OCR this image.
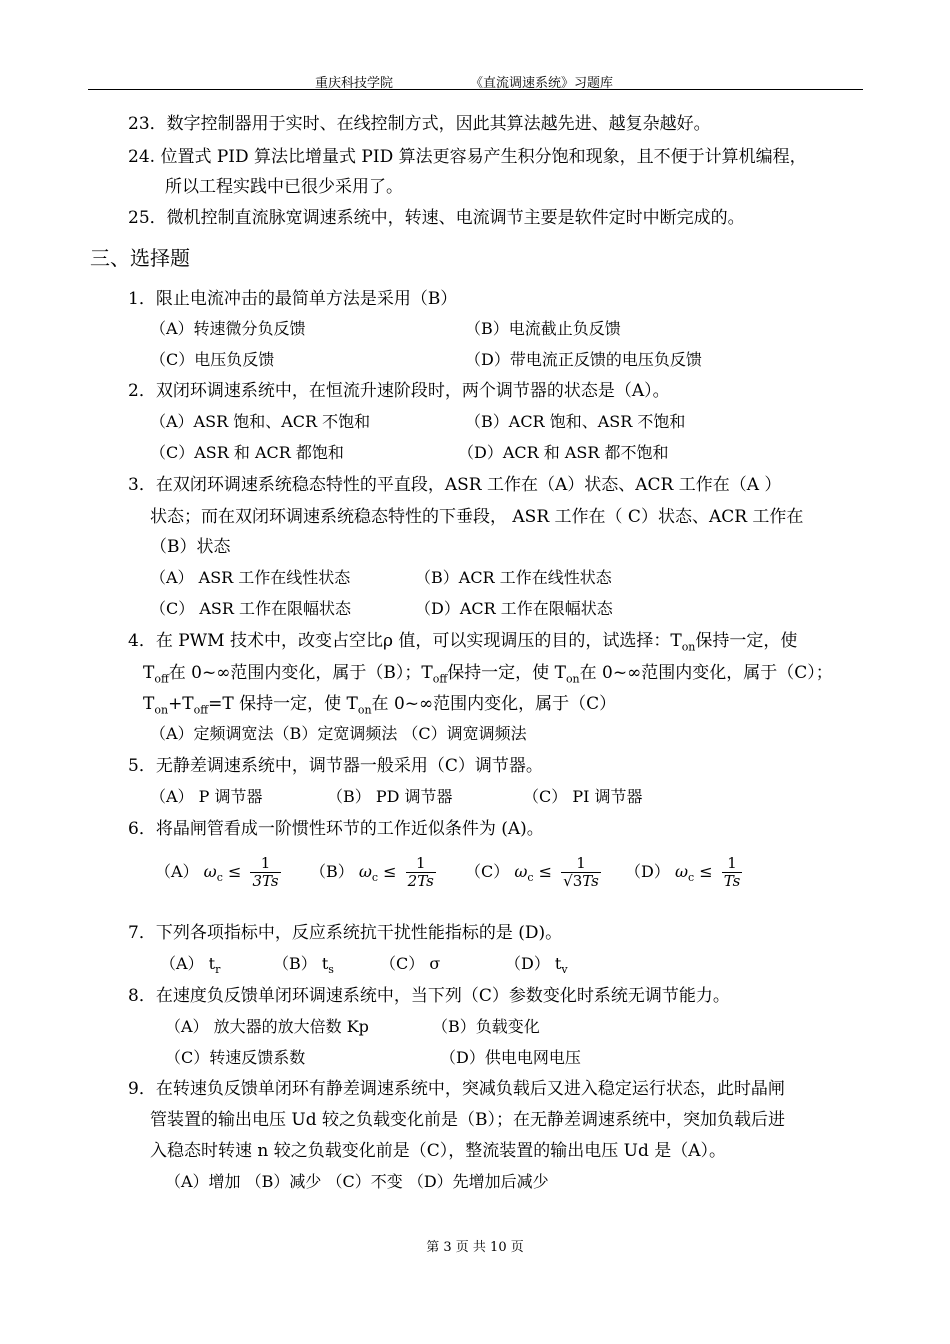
重庆科技学院	《直流调速系统》习题库
23．数字控制器用于实时、在线控制方式，因此其算法越先进、越复杂越好。
24. 位置式 PID 算法比增量式 PID 算法更容易产生积分饱和现象，且不便于计算机编程，
所以工程实践中已很少采用了。
25．微机控制直流脉宽调速系统中，转速、电流调节主要是软件定时中断完成的。
三、选择题
1．限止电流冲击的最简单方法是采用（B）
（A）转速微分负反馈	（B）电流截止负反馈
（C）电压负反馈	（D）带电流正反馈的电压负反馈
2．双闭环调速系统中，在恒流升速阶段时，两个调节器的状态是（A）。
（A）ASR 饱和、ACR 不饱和	（B）ACR 饱和、ASR 不饱和
（C）ASR 和 ACR 都饱和	（D）ACR 和 ASR 都不饱和
3．在双闭环调速系统稳态特性的平直段，ASR 工作在（A）状态、ACR 工作在（A ）
状态；而在双闭环调速系统稳态特性的下垂段， ASR 工作在（ C）状态、ACR 工作在
（B）状态
（A） ASR 工作在线性状态	（B）ACR 工作在线性状态
（C） ASR 工作在限幅状态	（D）ACR 工作在限幅状态
4．在 PWM 技术中，改变占空比ρ 值，可以实现调压的目的，试选择：$T_{on}$保持一定，使
$T_{off}$在 0~∞范围内变化，属于（B）；$T_{off}$保持一定，使 $T_{on}$在 0~∞范围内变化，属于（C）；
$T_{on}+T_{off}=T$ 保持一定，使 $T_{on}$在 0~∞范围内变化，属于（C）
（A）定频调宽法（B）定宽调频法 （C）调宽调频法
5．无静差调速系统中，调节器一般采用（C）调节器。
（A） P 调节器	（B） PD 调节器	（C） PI 调节器
6．将晶闸管看成一阶惯性环节的工作近似条件为 (A)。
（A） $\omega_c \le \frac{1}{3Ts} (B) \omega_c \le \frac{1}{2Ts} (C) \omega_c \le \frac{1}{√3Ts} (D) \omega_c \le \frac{1}{Ts}$
7．下列各项指标中，反应系统抗干扰性能指标的是 (D)。
（A） $t_r$	（B） $t_s$	（C） σ	（D） $t_v$
8．在速度负反馈单闭环调速系统中，当下列（C）参数变化时系统无调节能力。
（A） 放大器的放大倍数 Kp	（B）负载变化
（C）转速反馈系数	（D）供电电网电压
9．在转速负反馈单闭环有静差调速系统中，突减负载后又进入稳定运行状态，此时晶闸
管装置的输出电压 Ud 较之负载变化前是（B）；在无静差调速系统中，突加负载后进
入稳态时转速 n 较之负载变化前是（C），整流装置的输出电压 Ud 是（A）。
（A）增加 （B）减少 （C）不变 （D）先增加后减少
第 3 页 共 10 页
